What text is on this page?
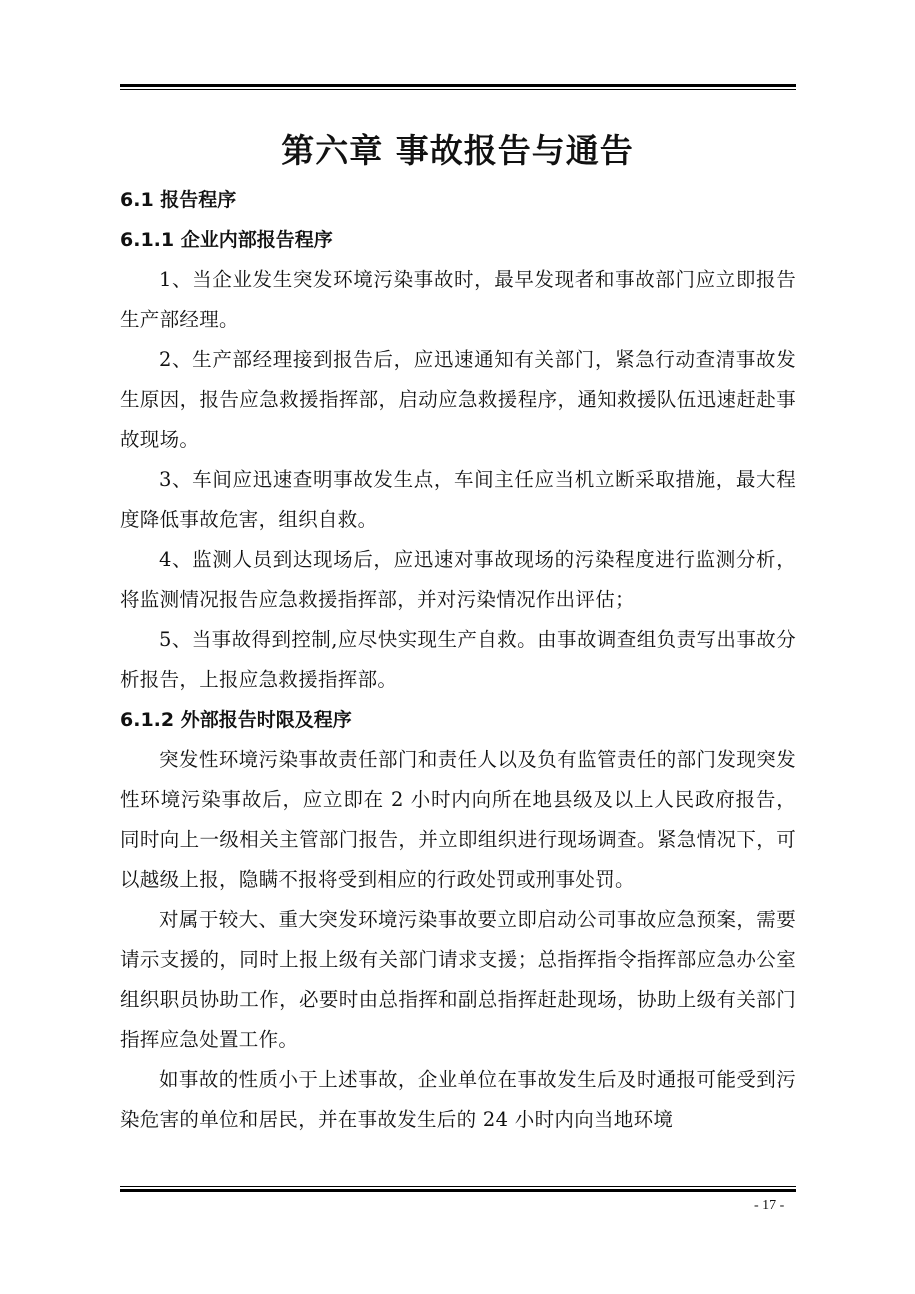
第六章 事故报告与通告
6.1 报告程序
6.1.1 企业内部报告程序

1、当企业发生突发环境污染事故时，最早发现者和事故部门应立即报告生产部经理。

2、生产部经理接到报告后，应迅速通知有关部门，紧急行动查清事故发生原因，报告应急救援指挥部，启动应急救援程序，通知救援队伍迅速赶赴事故现场。

3、车间应迅速查明事故发生点，车间主任应当机立断采取措施，最大程度降低事故危害，组织自救。

4、监测人员到达现场后，应迅速对事故现场的污染程度进行监测分析，将监测情况报告应急救援指挥部，并对污染情况作出评估；

5、当事故得到控制,应尽快实现生产自救。由事故调查组负责写出事故分析报告，上报应急救援指挥部。

6.1.2 外部报告时限及程序

突发性环境污染事故责任部门和责任人以及负有监管责任的部门发现突发性环境污染事故后，应立即在 2 小时内向所在地县级及以上人民政府报告，同时向上一级相关主管部门报告，并立即组织进行现场调查。紧急情况下，可以越级上报，隐瞒不报将受到相应的行政处罚或刑事处罚。

对属于较大、重大突发环境污染事故要立即启动公司事故应急预案，需要请示支援的，同时上报上级有关部门请求支援；总指挥指令指挥部应急办公室组织职员协助工作，必要时由总指挥和副总指挥赶赴现场，协助上级有关部门指挥应急处置工作。

如事故的性质小于上述事故，企业单位在事故发生后及时通报可能受到污染危害的单位和居民，并在事故发生后的 24 小时内向当地环境

- 17 -
